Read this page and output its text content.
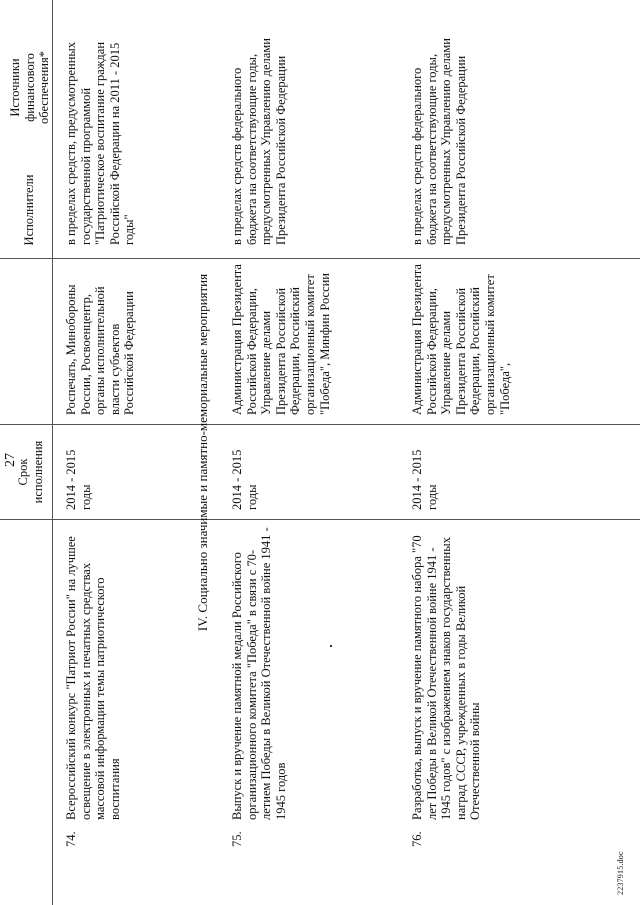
27
Срок исполнения
Исполнители
Источники финансового обеспечения*
74.
Всероссийский конкурс "Патриот России" на лучшее освещение в электронных и печатных средствах массовой информации темы патриотического воспитания
2014 - 2015 годы
Роспечать, Минобороны России, Росвоенцентр, органы исполнительной власти субъектов Российской Федерации
в пределах средств, предусмотренных государственной программой "Патриотическое воспитание граждан Российской Федерации на 2011 - 2015 годы"
IV. Социально значимые и памятно-мемориальные мероприятия
75.
Выпуск и вручение памятной медали Российского организационного комитета "Победа" в связи с 70-летием Победы в Великой Отечественной войне 1941 - 1945 годов
2014 - 2015 годы
Администрация Президента Российской Федерации, Управление делами Президента Российской Федерации, Российский организационный комитет "Победа", Минфин России
в пределах средств федерального бюджета на соответствующие годы, предусмотренных Управлению делами Президента Российской Федерации
76.
Разработка, выпуск и вручение памятного набора "70 лет Победы в Великой Отечественной войне 1941 - 1945 годов" с изображением знаков государственных наград СССР, учрежденных в годы Великой Отечественной войны
2014 - 2015 годы
Администрация Президента Российской Федерации, Управление делами Президента Российской Федерации, Российский организационный комитет "Победа",
в пределах средств федерального бюджета на соответствующие годы, предусмотренных Управлению делами Президента Российской Федерации
2237915.doc
